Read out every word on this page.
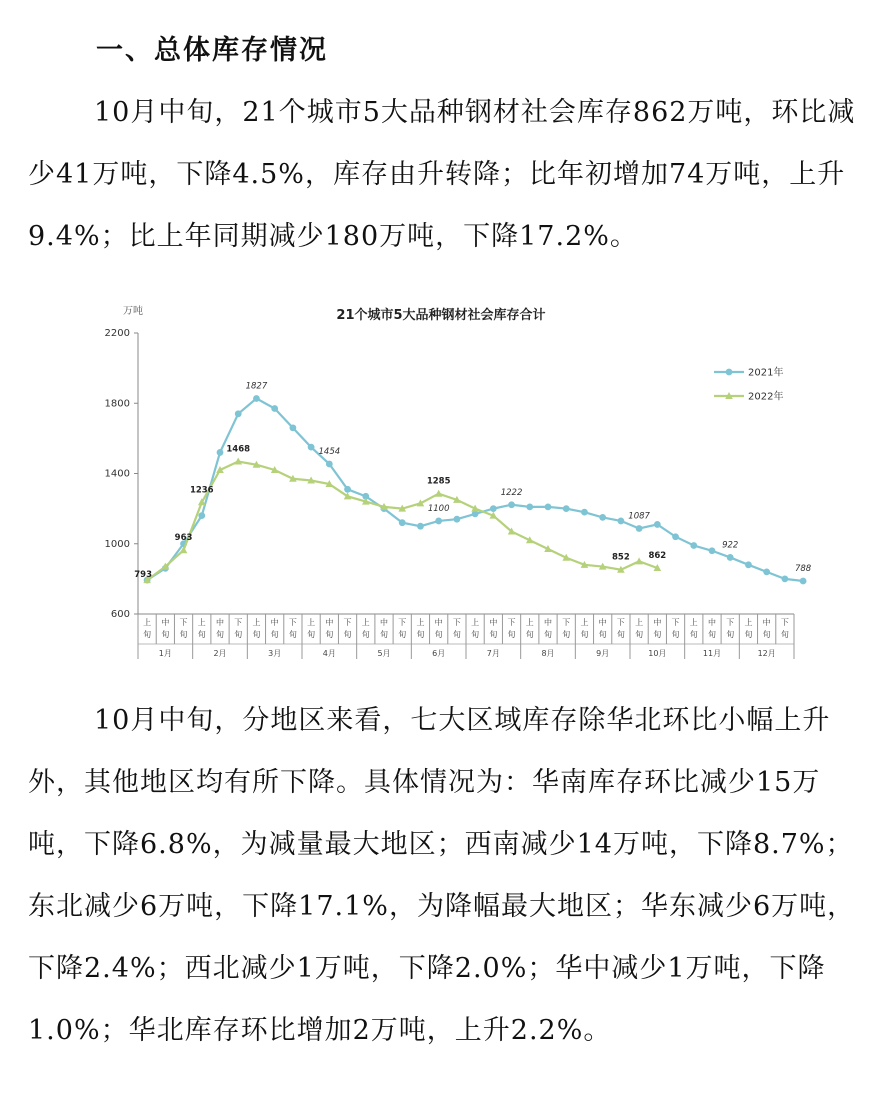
一、总体库存情况

10月中旬，21个城市5大品种钢材社会库存862万吨，环比减少41万吨，下降4.5%，库存由升转降；比年初增加74万吨，上升9.4%；比上年同期减少180万吨，下降17.2%。

21个城市5大品种钢材社会库存合计
万吨
600
1000
1400
1800
2200
上
旬
中
旬
下
旬
上
旬
中
旬
下
旬
上
旬
中
旬
下
旬
上
旬
中
旬
下
旬
上
旬
中
旬
下
旬
上
旬
中
旬
下
旬
上
旬
中
旬
下
旬
上
旬
中
旬
下
旬
上
旬
中
旬
下
旬
上
旬
中
旬
下
旬
上
旬
中
旬
下
旬
上
旬
中
旬
下
旬
1月	2月	3月	4月	5月	6月	7月	8月	9月	10月	11月	12月
1827
1454
1100
1222
1087
922
788
793
963
1236
1468
1285
852 862
2021年
2022年

10月中旬，分地区来看，七大区域库存除华北环比小幅上升外，其他地区均有所下降。具体情况为：华南库存环比减少15万吨，下降6.8%，为减量最大地区；西南减少14万吨，下降8.7%；东北减少6万吨，下降17.1%，为降幅最大地区；华东减少6万吨，下降2.4%；西北减少1万吨，下降2.0%；华中减少1万吨，下降1.0%；华北库存环比增加2万吨，上升2.2%。
